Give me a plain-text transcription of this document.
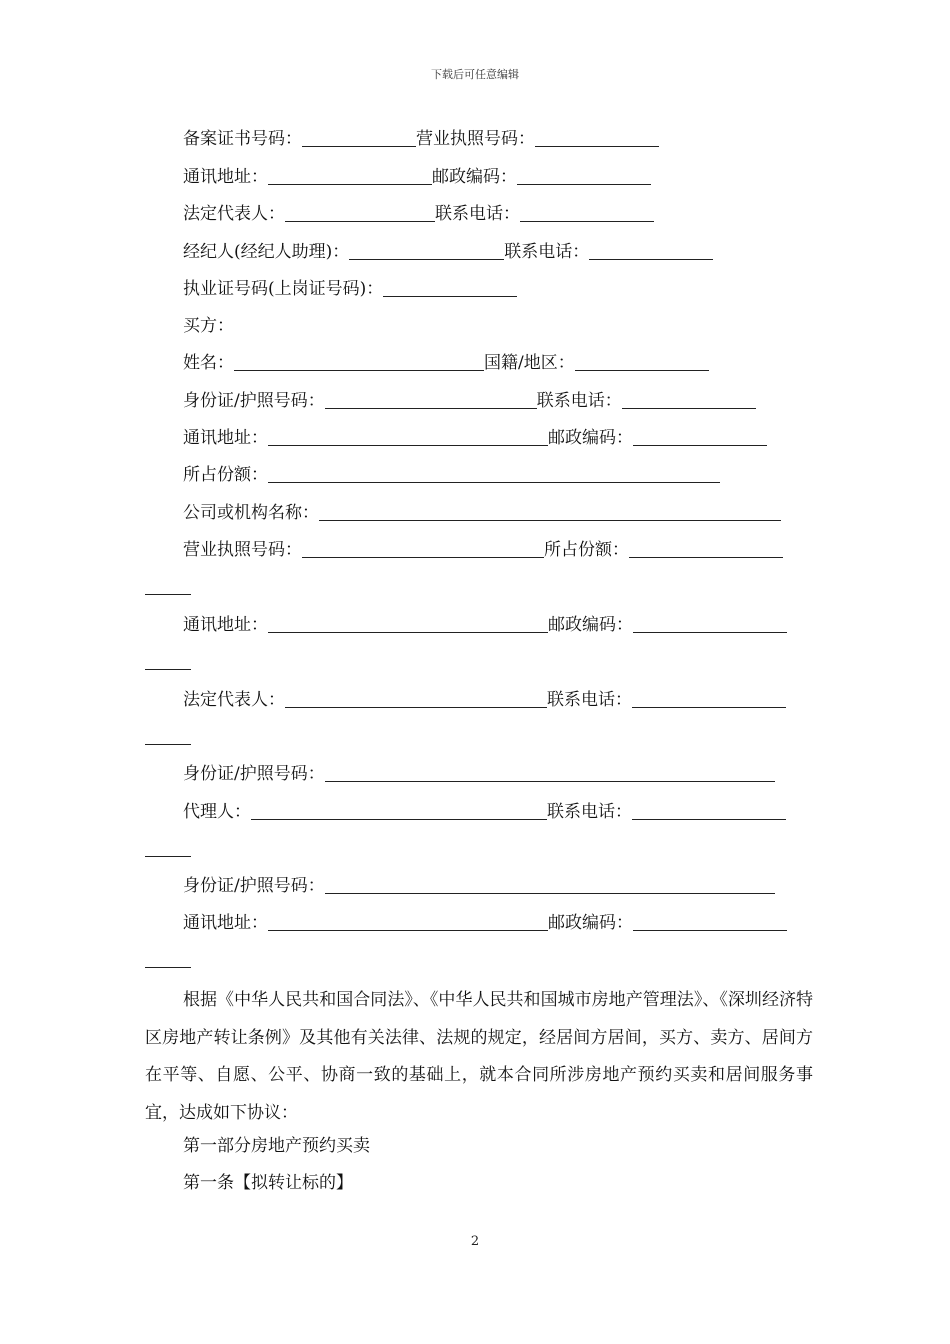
下载后可任意编辑
备案证书号码：	营业执照号码：
通讯地址：	邮政编码：
法定代表人：	联系电话：
经纪人(经纪人助理)：	联系电话：
执业证号码(上岗证号码)：
买方：
姓名：	国籍/地区：
身份证/护照号码：	联系电话：
通讯地址：	邮政编码：
所占份额：
公司或机构名称：
营业执照号码：	所占份额：
通讯地址：	邮政编码：
法定代表人：	联系电话：
身份证/护照号码：
代理人：	联系电话：
身份证/护照号码：
通讯地址：	邮政编码：
根据《中华人民共和国合同法》、《中华人民共和国城市房地产管理法》、《深圳经济特区房地产转让条例》及其他有关法律、法规的规定，经居间方居间，买方、卖方、居间方在平等、自愿、公平、协商一致的基础上，就本合同所涉房地产预约买卖和居间服务事宜，达成如下协议：
第一部分房地产预约买卖
第一条【拟转让标的】
2
